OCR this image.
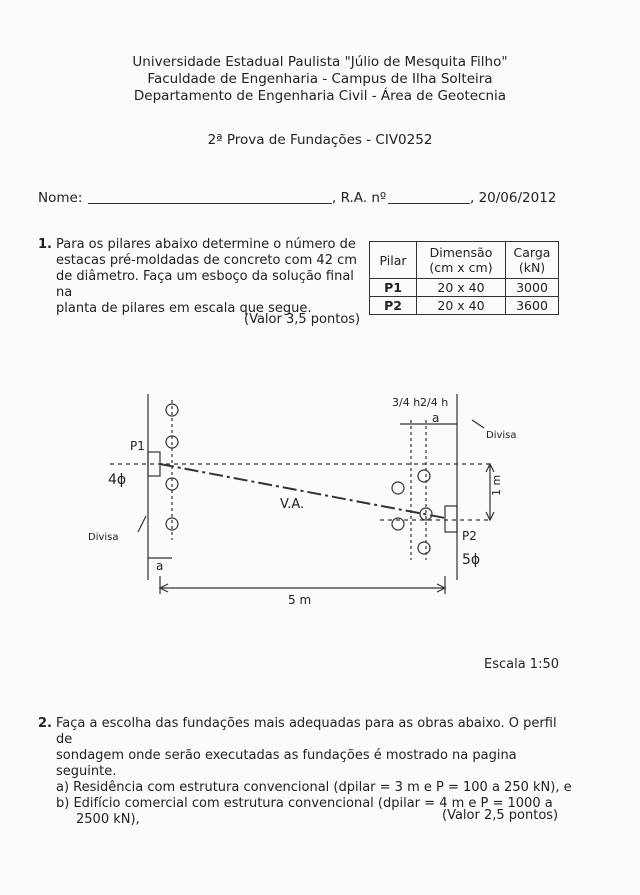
Universidade Estadual Paulista "Júlio de Mesquita Filho"
Faculdade de Engenharia - Campus de Ilha Solteira
Departamento de Engenharia Civil - Área de Geotecnia
2ª Prova de Fundações - CIV0252
Nome:	, R.A. nº	, 20/06/2012
1. Para os pilares abaixo determine o número de
estacas pré-moldadas de concreto com 42 cm
de diâmetro. Faça um esboço da solução final na
planta de pilares em escala que segue.
(Valor 3,5 pontos)
Pilar	Dimensão (cm x cm)	Carga (kN)
P1	20 x 40	3000
P2	20 x 40	3600
P1
P2
V.A.
5 m
1 m
a
a
4ϕ
5ϕ
3/4 h 2/4 h
Divisa
Divisa
Escala 1:50
2. Faça a escolha das fundações mais adequadas para as obras abaixo. O perfil de
sondagem onde serão executadas as fundações é mostrado na pagina seguinte.
a) Residência com estrutura convencional (dpilar = 3 m e P = 100 a 250 kN), e
b) Edifício comercial com estrutura convencional (dpilar = 4 m e P = 1000 a
2500 kN),	(Valor 2,5 pontos)
